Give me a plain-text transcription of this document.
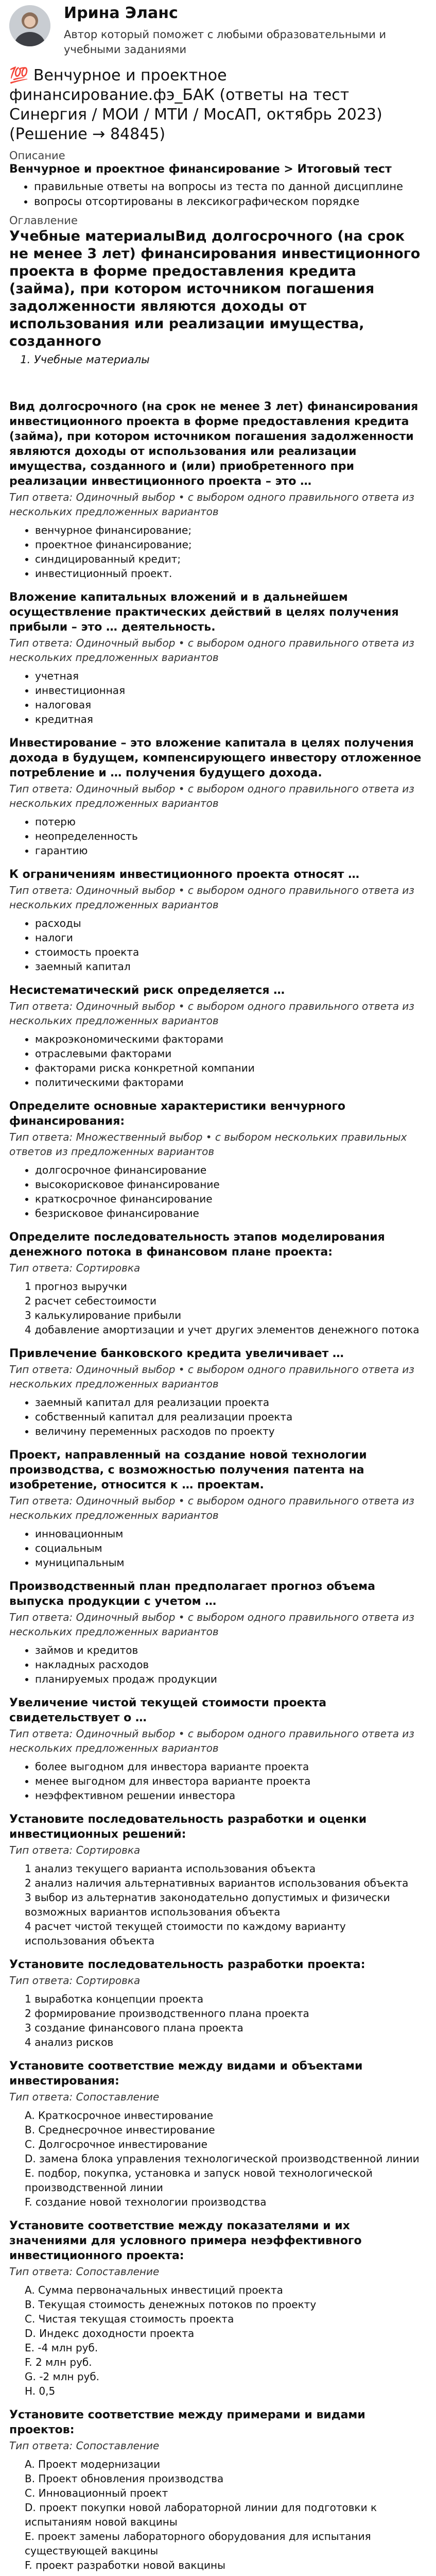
Ирина Эланс
Автор который поможет с любыми образовательными и учебными заданиями
💯 Венчурное и проектное финансирование.фэ_БАК (ответы на тест Синергия / МОИ / МТИ / МосАП, октябрь 2023) (Решение → 84845)
Описание
Венчурное и проектное финансирование > Итоговый тест
• правильные ответы на вопросы из теста по данной дисциплине
• вопросы отсортированы в лексикографическом порядке
Оглавление
Учебные материалыВид долгосрочного (на срок не менее 3 лет) финансирования инвестиционного проекта в форме предоставления кредита (займа), при котором источником погашения задолженности являются доходы от использования или реализации имущества, созданного
1. Учебные материалы
Вид долгосрочного (на срок не менее 3 лет) финансирования инвестиционного проекта в форме предоставления кредита (займа), при котором источником погашения задолженности являются доходы от использования или реализации имущества, созданного и (или) приобретенного при реализации инвестиционного проекта – это …
Тип ответа: Одиночный выбор • с выбором одного правильного ответа из нескольких предложенных вариантов
• венчурное финансирование;
• проектное финансирование;
• синдицированный кредит;
• инвестиционный проект.
Вложение капитальных вложений и в дальнейшем осуществление практических действий в целях получения прибыли – это … деятельность.
Тип ответа: Одиночный выбор • с выбором одного правильного ответа из нескольких предложенных вариантов
• учетная
• инвестиционная
• налоговая
• кредитная
Инвестирование – это вложение капитала в целях получения дохода в будущем, компенсирующего инвестору отложенное потребление и … получения будущего дохода.
Тип ответа: Одиночный выбор • с выбором одного правильного ответа из нескольких предложенных вариантов
• потерю
• неопределенность
• гарантию
К ограничениям инвестиционного проекта относят …
Тип ответа: Одиночный выбор • с выбором одного правильного ответа из нескольких предложенных вариантов
• расходы
• налоги
• стоимость проекта
• заемный капитал
Несистематический риск определяется …
Тип ответа: Одиночный выбор • с выбором одного правильного ответа из нескольких предложенных вариантов
• макроэкономическими факторами
• отраслевыми факторами
• факторами риска конкретной компании
• политическими факторами
Определите основные характеристики венчурного финансирования:
Тип ответа: Множественный выбор • с выбором нескольких правильных ответов из предложенных вариантов
• долгосрочное финансирование
• высокорисковое финансирование
• краткосрочное финансирование
• безрисковое финансирование
Определите последовательность этапов моделирования денежного потока в финансовом плане проекта:
Тип ответа: Сортировка
1 прогноз выручки
2 расчет себестоимости
3 калькулирование прибыли
4 добавление амортизации и учет других элементов денежного потока
Привлечение банковского кредита увеличивает …
Тип ответа: Одиночный выбор • с выбором одного правильного ответа из нескольких предложенных вариантов
• заемный капитал для реализации проекта
• собственный капитал для реализации проекта
• величину переменных расходов по проекту
Проект, направленный на создание новой технологии производства, с возможностью получения патента на изобретение, относится к … проектам.
Тип ответа: Одиночный выбор • с выбором одного правильного ответа из нескольких предложенных вариантов
• инновационным
• социальным
• муниципальным
Производственный план предполагает прогноз объема выпуска продукции с учетом …
Тип ответа: Одиночный выбор • с выбором одного правильного ответа из нескольких предложенных вариантов
• займов и кредитов
• накладных расходов
• планируемых продаж продукции
Увеличение чистой текущей стоимости проекта свидетельствует о …
Тип ответа: Одиночный выбор • с выбором одного правильного ответа из нескольких предложенных вариантов
• более выгодном для инвестора варианте проекта
• менее выгодном для инвестора варианте проекта
• неэффективном решении инвестора
Установите последовательность разработки и оценки инвестиционных решений:
Тип ответа: Сортировка
1 анализ текущего варианта использования объекта
2 анализ наличия альтернативных вариантов использования объекта
3 выбор из альтернатив законодательно допустимых и физически возможных вариантов использования объекта
4 расчет чистой текущей стоимости по каждому варианту использования объекта
Установите последовательность разработки проекта:
Тип ответа: Сортировка
1 выработка концепции проекта
2 формирование производственного плана проекта
3 создание финансового плана проекта
4 анализ рисков
Установите соответствие между видами и объектами инвестирования:
Тип ответа: Сопоставление
A. Краткосрочное инвестирование
B. Среднесрочное инвестирование
C. Долгосрочное инвестирование
D. замена блока управления технологической производственной линии
E. подбор, покупка, установка и запуск новой технологической производственной линии
F. создание новой технологии производства
Установите соответствие между показателями и их значениями для условного примера неэффективного инвестиционного проекта:
Тип ответа: Сопоставление
A. Сумма первоначальных инвестиций проекта
B. Текущая стоимость денежных потоков по проекту
C. Чистая текущая стоимость проекта
D. Индекс доходности проекта
E. -4 млн руб.
F. 2 млн руб.
G. -2 млн руб.
H. 0,5
Установите соответствие между примерами и видами проектов:
Тип ответа: Сопоставление
A. Проект модернизации
B. Проект обновления производства
C. Инновационный проект
D. проект покупки новой лабораторной линии для подготовки к испытаниям новой вакцины
E. проект замены лабораторного оборудования для испытания существующей вакцины
F. проект разработки новой вакцины
